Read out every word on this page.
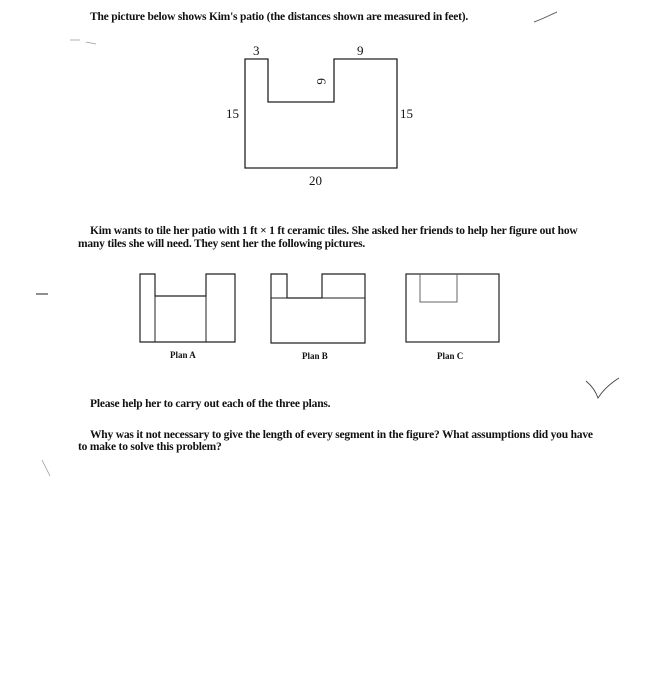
The picture below shows Kim's patio (the distances shown are measured in feet).

3	9
6
15	15
20
Plan A	Plan B	Plan C

Kim wants to tile her patio with 1 ft × 1 ft ceramic tiles. She asked her friends to help her figure out how

many tiles she will need. They sent her the following pictures.

Please help her to carry out each of the three plans.

Why was it not necessary to give the length of every segment in the figure? What assumptions did you have

to make to solve this problem?
